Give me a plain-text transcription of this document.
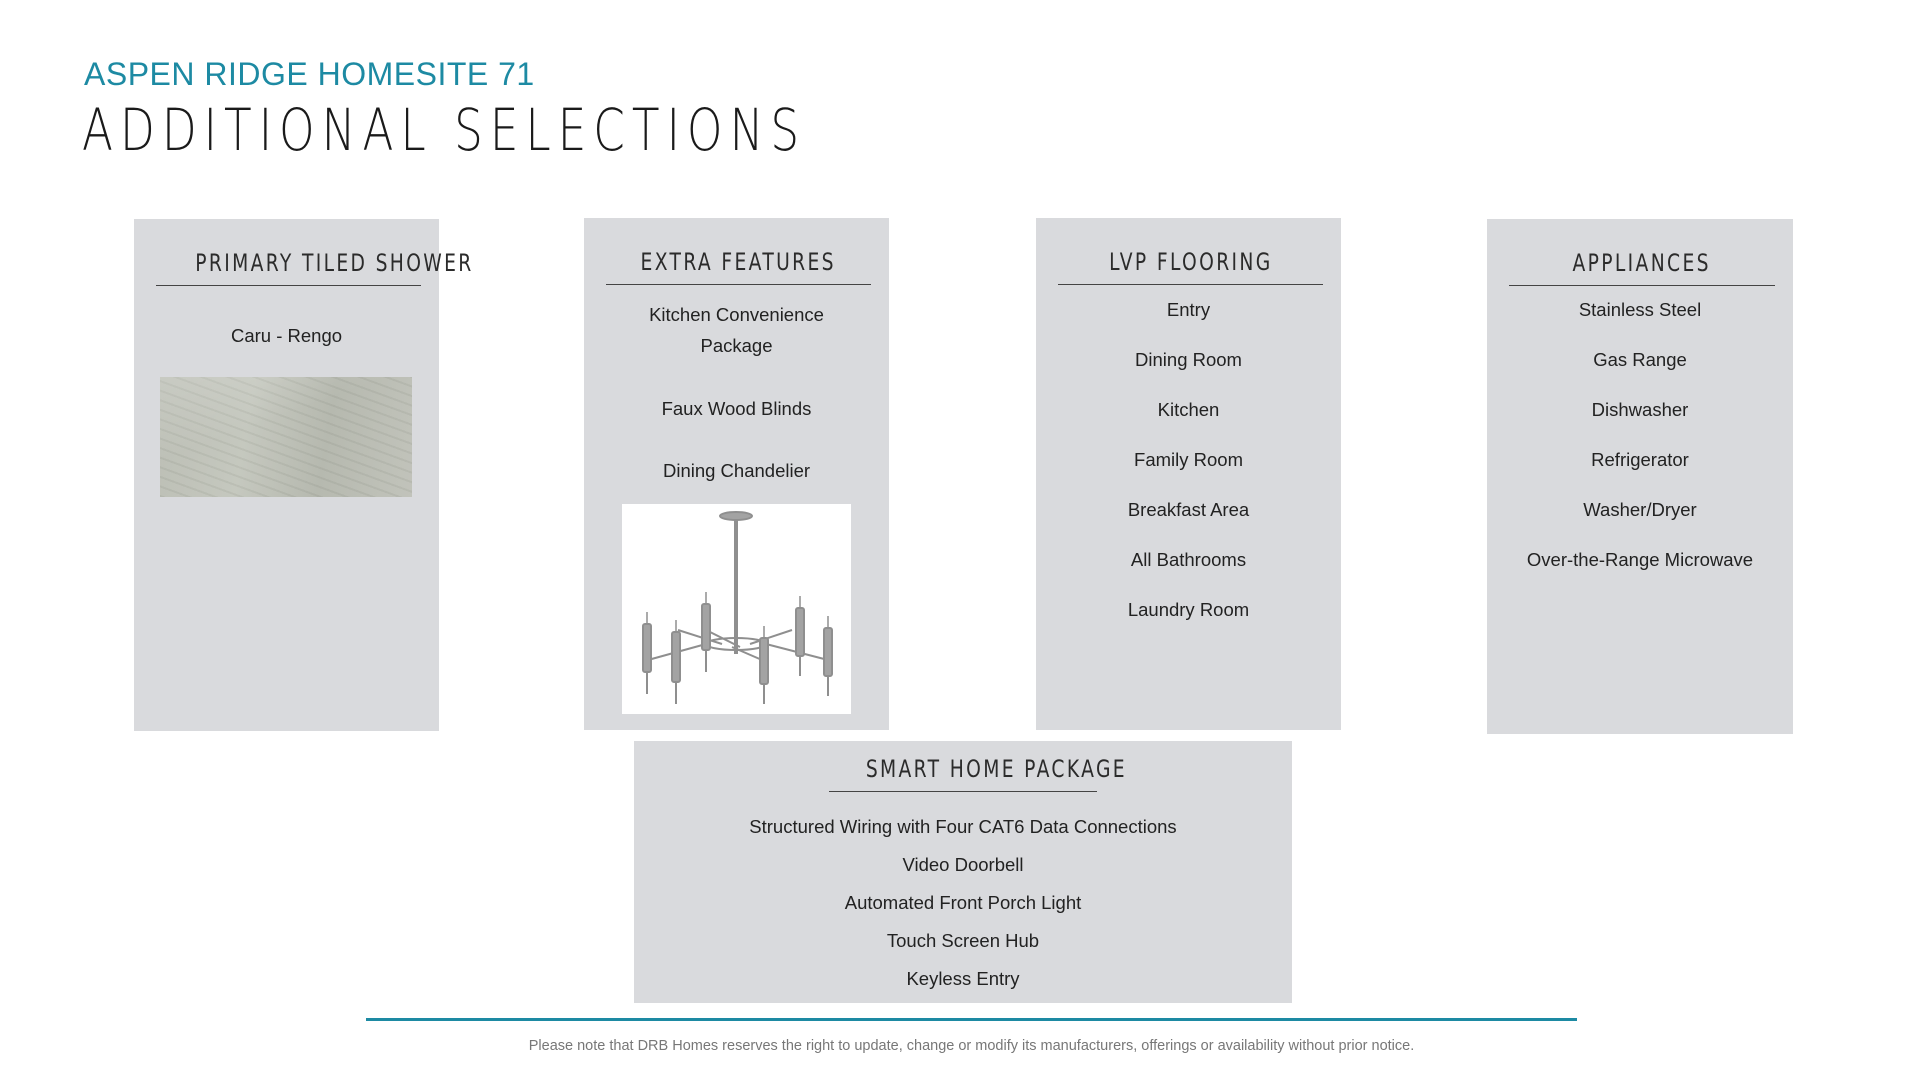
ASPEN RIDGE HOMESITE 71
ADDITIONAL SELECTIONS
PRIMARY TILED SHOWER
Caru - Rengo
EXTRA FEATURES
Kitchen Convenience Package
Faux Wood Blinds
Dining Chandelier
LVP FLOORING
Entry
Dining Room
Kitchen
Family Room
Breakfast Area
All Bathrooms
Laundry Room
APPLIANCES
Stainless Steel
Gas Range
Dishwasher
Refrigerator
Washer/Dryer
Over-the-Range Microwave
SMART HOME PACKAGE
Structured Wiring with Four CAT6 Data Connections
Video Doorbell
Automated Front Porch Light
Touch Screen Hub
Keyless Entry
Please note that DRB Homes reserves the right to update, change or modify its manufacturers, offerings or availability without prior notice.
